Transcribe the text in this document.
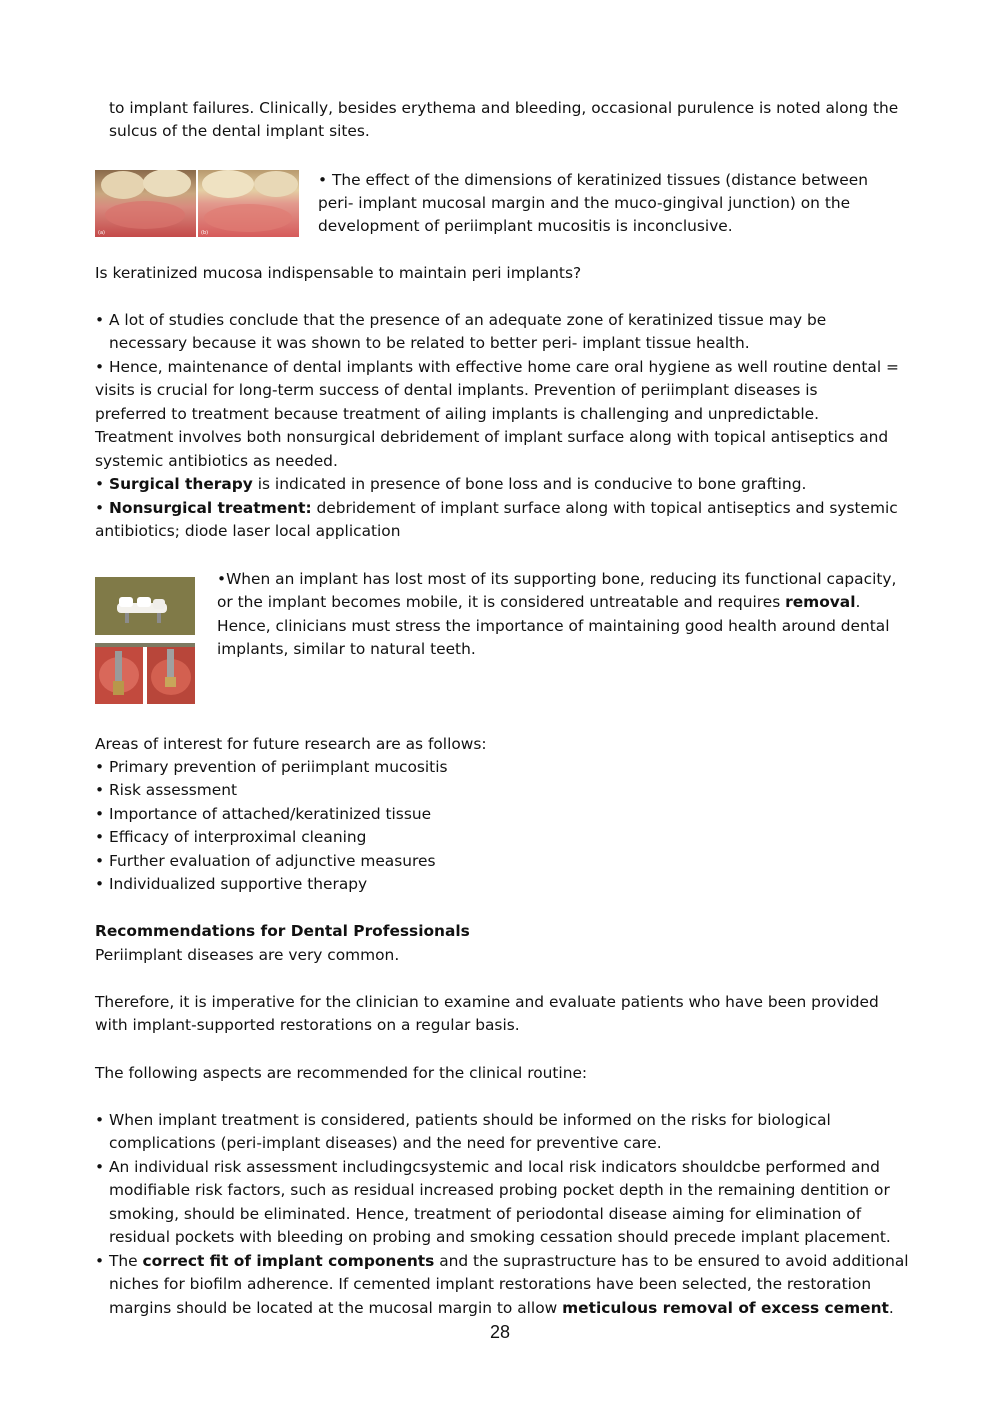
to implant failures. Clinically, besides erythema and bleeding, occasional purulence is noted along the
sulcus of the dental implant sites.
(a)	(b)
• The effect of the dimensions of keratinized tissues (distance between
peri- implant mucosal margin and the muco-gingival junction) on the
development of periimplant mucositis is inconclusive.
Is keratinized mucosa indispensable to maintain peri implants?
• A lot of studies conclude that the presence of an adequate zone of keratinized tissue may be
necessary because it was shown to be related to better peri- implant tissue health.
• Hence, maintenance of dental implants with effective home care oral hygiene as well routine dental =
visits is crucial for long-term success of dental implants. Prevention of periimplant diseases is
preferred to treatment because treatment of ailing implants is challenging and unpredictable.
Treatment involves both nonsurgical debridement of implant surface along with topical antiseptics and
systemic antibiotics as needed.
• Surgical therapy is indicated in presence of bone loss and is conducive to bone grafting.
• Nonsurgical treatment: debridement of implant surface along with topical antiseptics and systemic
antibiotics; diode laser local application
•When an implant has lost most of its supporting bone, reducing its functional capacity,
or the implant becomes mobile, it is considered untreatable and requires removal.
Hence, clinicians must stress the importance of maintaining good health around dental
implants, similar to natural teeth.
Areas of interest for future research are as follows:
• Primary prevention of periimplant mucositis
• Risk assessment
• Importance of attached/keratinized tissue
• Efficacy of interproximal cleaning
• Further evaluation of adjunctive measures
• Individualized supportive therapy
Recommendations for Dental Professionals
Periimplant diseases are very common.
Therefore, it is imperative for the clinician to examine and evaluate patients who have been provided
with implant-supported restorations on a regular basis.
The following aspects are recommended for the clinical routine:
• When implant treatment is considered, patients should be informed on the risks for biological
complications (peri-implant diseases) and the need for preventive care.
• An individual risk assessment includingcsystemic and local risk indicators shouldcbe performed and
modifiable risk factors, such as residual increased probing pocket depth in the remaining dentition or
smoking, should be eliminated. Hence, treatment of periodontal disease aiming for elimination of
residual pockets with bleeding on probing and smoking cessation should precede implant placement.
• The correct fit of implant components and the suprastructure has to be ensured to avoid additional
niches for biofilm adherence. If cemented implant restorations have been selected, the restoration
margins should be located at the mucosal margin to allow meticulous removal of excess cement.
28
